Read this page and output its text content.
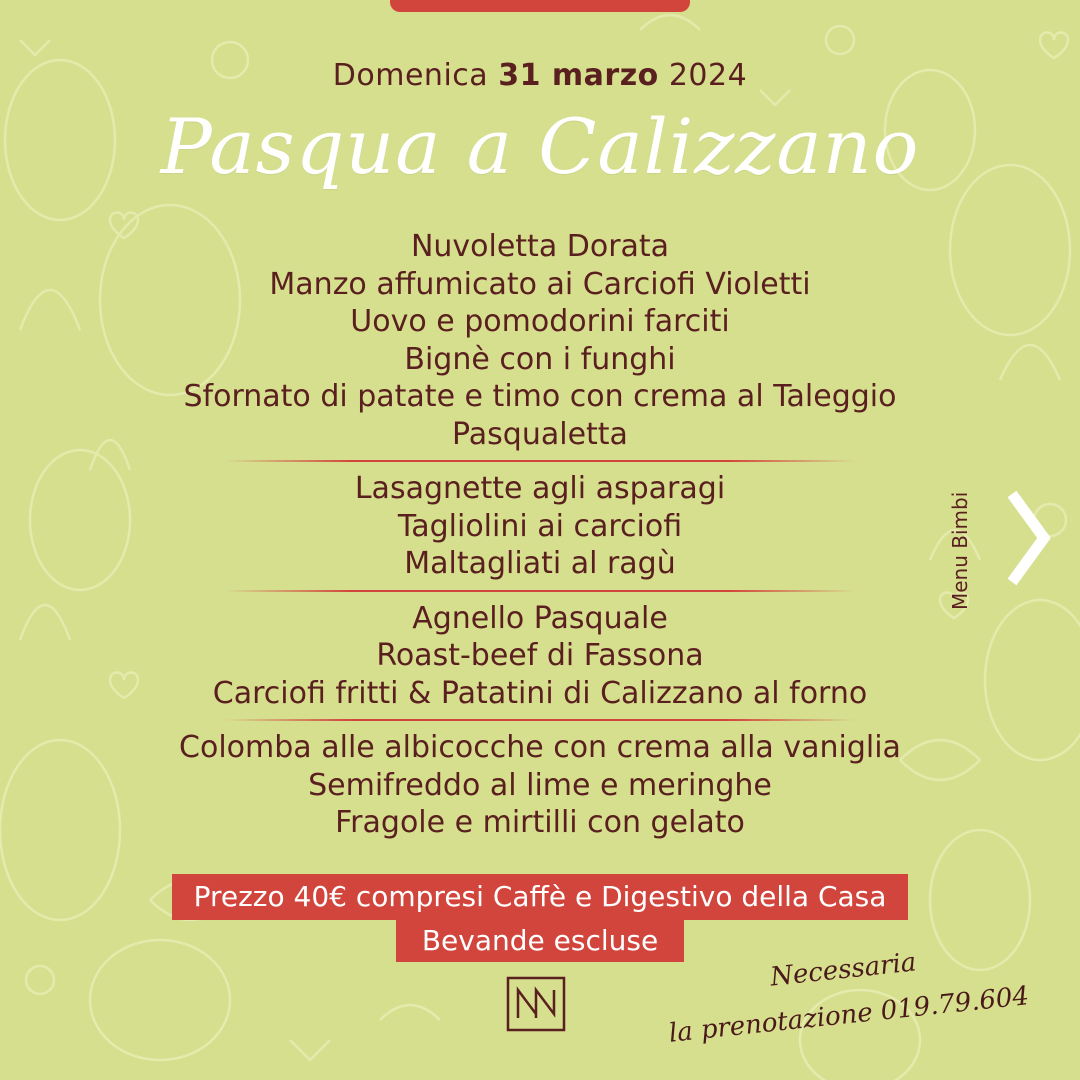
Domenica 31 marzo 2024
Pasqua a Calizzano
Nuvoletta Dorata
Manzo affumicato ai Carciofi Violetti
Uovo e pomodorini farciti
Bignè con i funghi
Sfornato di patate e timo con crema al Taleggio
Pasqualetta
Lasagnette agli asparagi
Tagliolini ai carciofi
Maltagliati al ragù
Agnello Pasquale
Roast-beef di Fassona
Carciofi fritti & Patatini di Calizzano al forno
Colomba alle albicocche con crema alla vaniglia
Semifreddo al lime e meringhe
Fragole e mirtilli con gelato
Prezzo 40€ compresi Caffè e Digestivo della Casa
Bevande escluse
Menu Bimbi
Necessaria
la prenotazione 019.79.604
